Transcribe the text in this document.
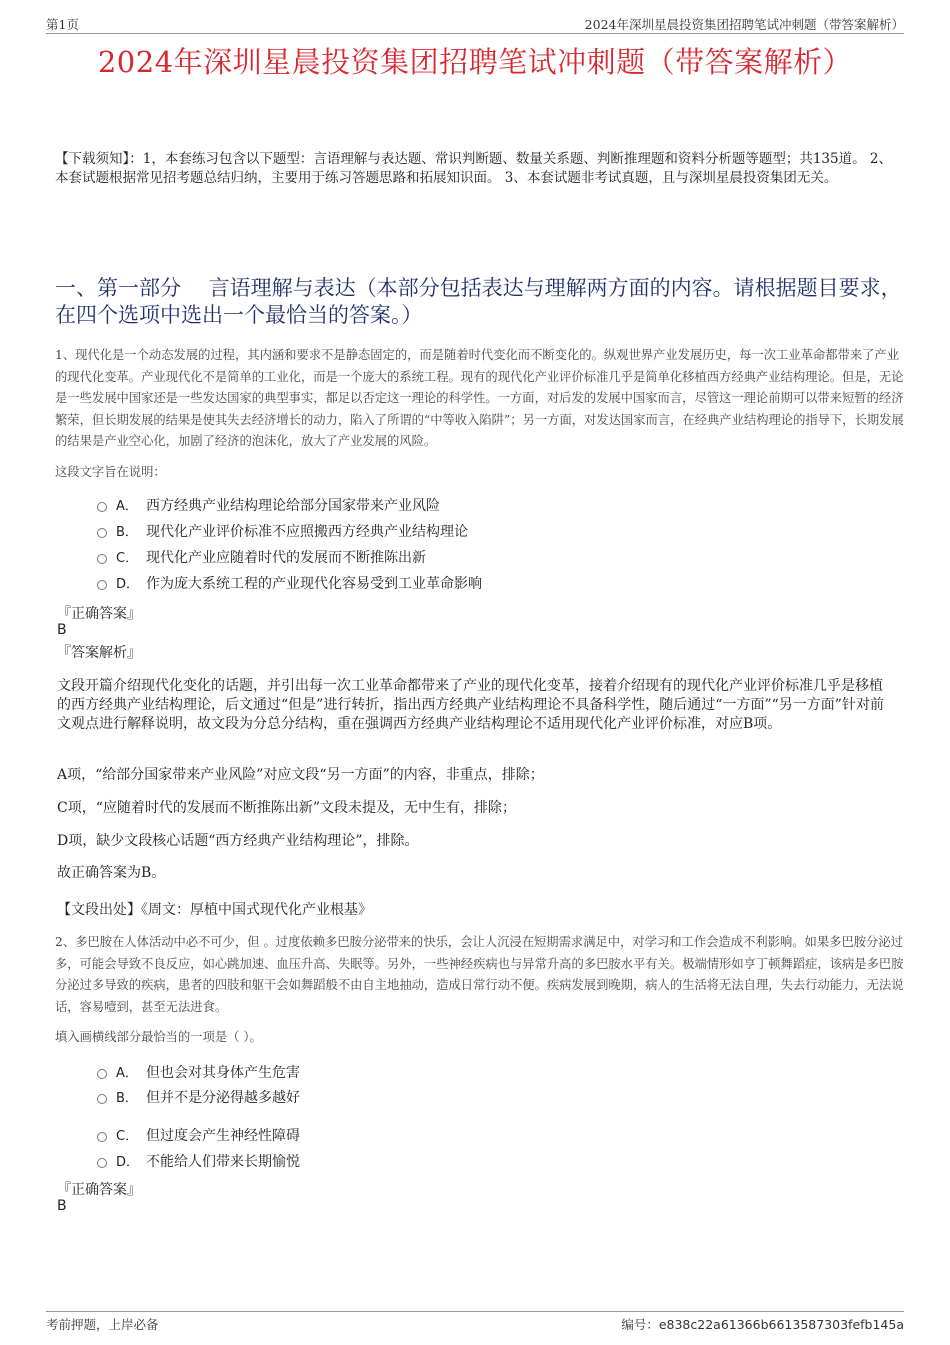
第1页	2024年深圳星晨投资集团招聘笔试冲刺题（带答案解析）
2024年深圳星晨投资集团招聘笔试冲刺题（带答案解析）
【下载须知】：1，本套练习包含以下题型：言语理解与表达题、常识判断题、数量关系题、判断推理题和资料分析题等题型；共135道。 2、本套试题根据常见招考题总结归纳，主要用于练习答题思路和拓展知识面。 3、本套试题非考试真题，且与深圳星晨投资集团无关。
一、第一部分　 言语理解与表达（本部分包括表达与理解两方面的内容。请根据题目要求，在四个选项中选出一个最恰当的答案。）
1、现代化是一个动态发展的过程，其内涵和要求不是静态固定的，而是随着时代变化而不断变化的。纵观世界产业发展历史，每一次工业革命都带来了产业的现代化变革。产业现代化不是简单的工业化，而是一个庞大的系统工程。现有的现代化产业评价标准几乎是简单化移植西方经典产业结构理论。但是，无论是一些发展中国家还是一些发达国家的典型事实，都足以否定这一理论的科学性。一方面，对后发的发展中国家而言，尽管这一理论前期可以带来短暂的经济繁荣，但长期发展的结果是使其失去经济增长的动力，陷入了所谓的“中等收入陷阱”；另一方面，对发达国家而言，在经典产业结构理论的指导下，长期发展的结果是产业空心化，加剧了经济的泡沫化，放大了产业发展的风险。
这段文字旨在说明：
A． 西方经典产业结构理论给部分国家带来产业风险
B． 现代化产业评价标准不应照搬西方经典产业结构理论
C． 现代化产业应随着时代的发展而不断推陈出新
D． 作为庞大系统工程的产业现代化容易受到工业革命影响
『正确答案』
B
『答案解析』
文段开篇介绍现代化变化的话题，并引出每一次工业革命都带来了产业的现代化变革，接着介绍现有的现代化产业评价标准几乎是移植的西方经典产业结构理论，后文通过“但是”进行转折，指出西方经典产业结构理论不具备科学性，随后通过“一方面”“另一方面”针对前文观点进行解释说明，故文段为分总分结构，重在强调西方经典产业结构理论不适用现代化产业评价标准，对应B项。
A项，“给部分国家带来产业风险”对应文段“另一方面”的内容，非重点，排除；
C项，“应随着时代的发展而不断推陈出新”文段未提及，无中生有，排除；
D项，缺少文段核心话题“西方经典产业结构理论”，排除。
故正确答案为B。
【文段出处】《周文：厚植中国式现代化产业根基》
2、多巴胺在人体活动中必不可少，但 。过度依赖多巴胺分泌带来的快乐，会让人沉浸在短期需求满足中，对学习和工作会造成不利影响。如果多巴胺分泌过多，可能会导致不良反应，如心跳加速、血压升高、失眠等。另外，一些神经疾病也与异常升高的多巴胺水平有关。极端情形如亨丁顿舞蹈症，该病是多巴胺分泌过多导致的疾病，患者的四肢和躯干会如舞蹈般不由自主地抽动，造成日常行动不便。疾病发展到晚期，病人的生活将无法自理，失去行动能力，无法说话，容易噎到，甚至无法进食。
填入画横线部分最恰当的一项是（ ）。
A． 但也会对其身体产生危害
B． 但并不是分泌得越多越好
C． 但过度会产生神经性障碍
D． 不能给人们带来长期愉悦
『正确答案』
B
考前押题，上岸必备	编号：e838c22a61366b6613587303fefb145a
